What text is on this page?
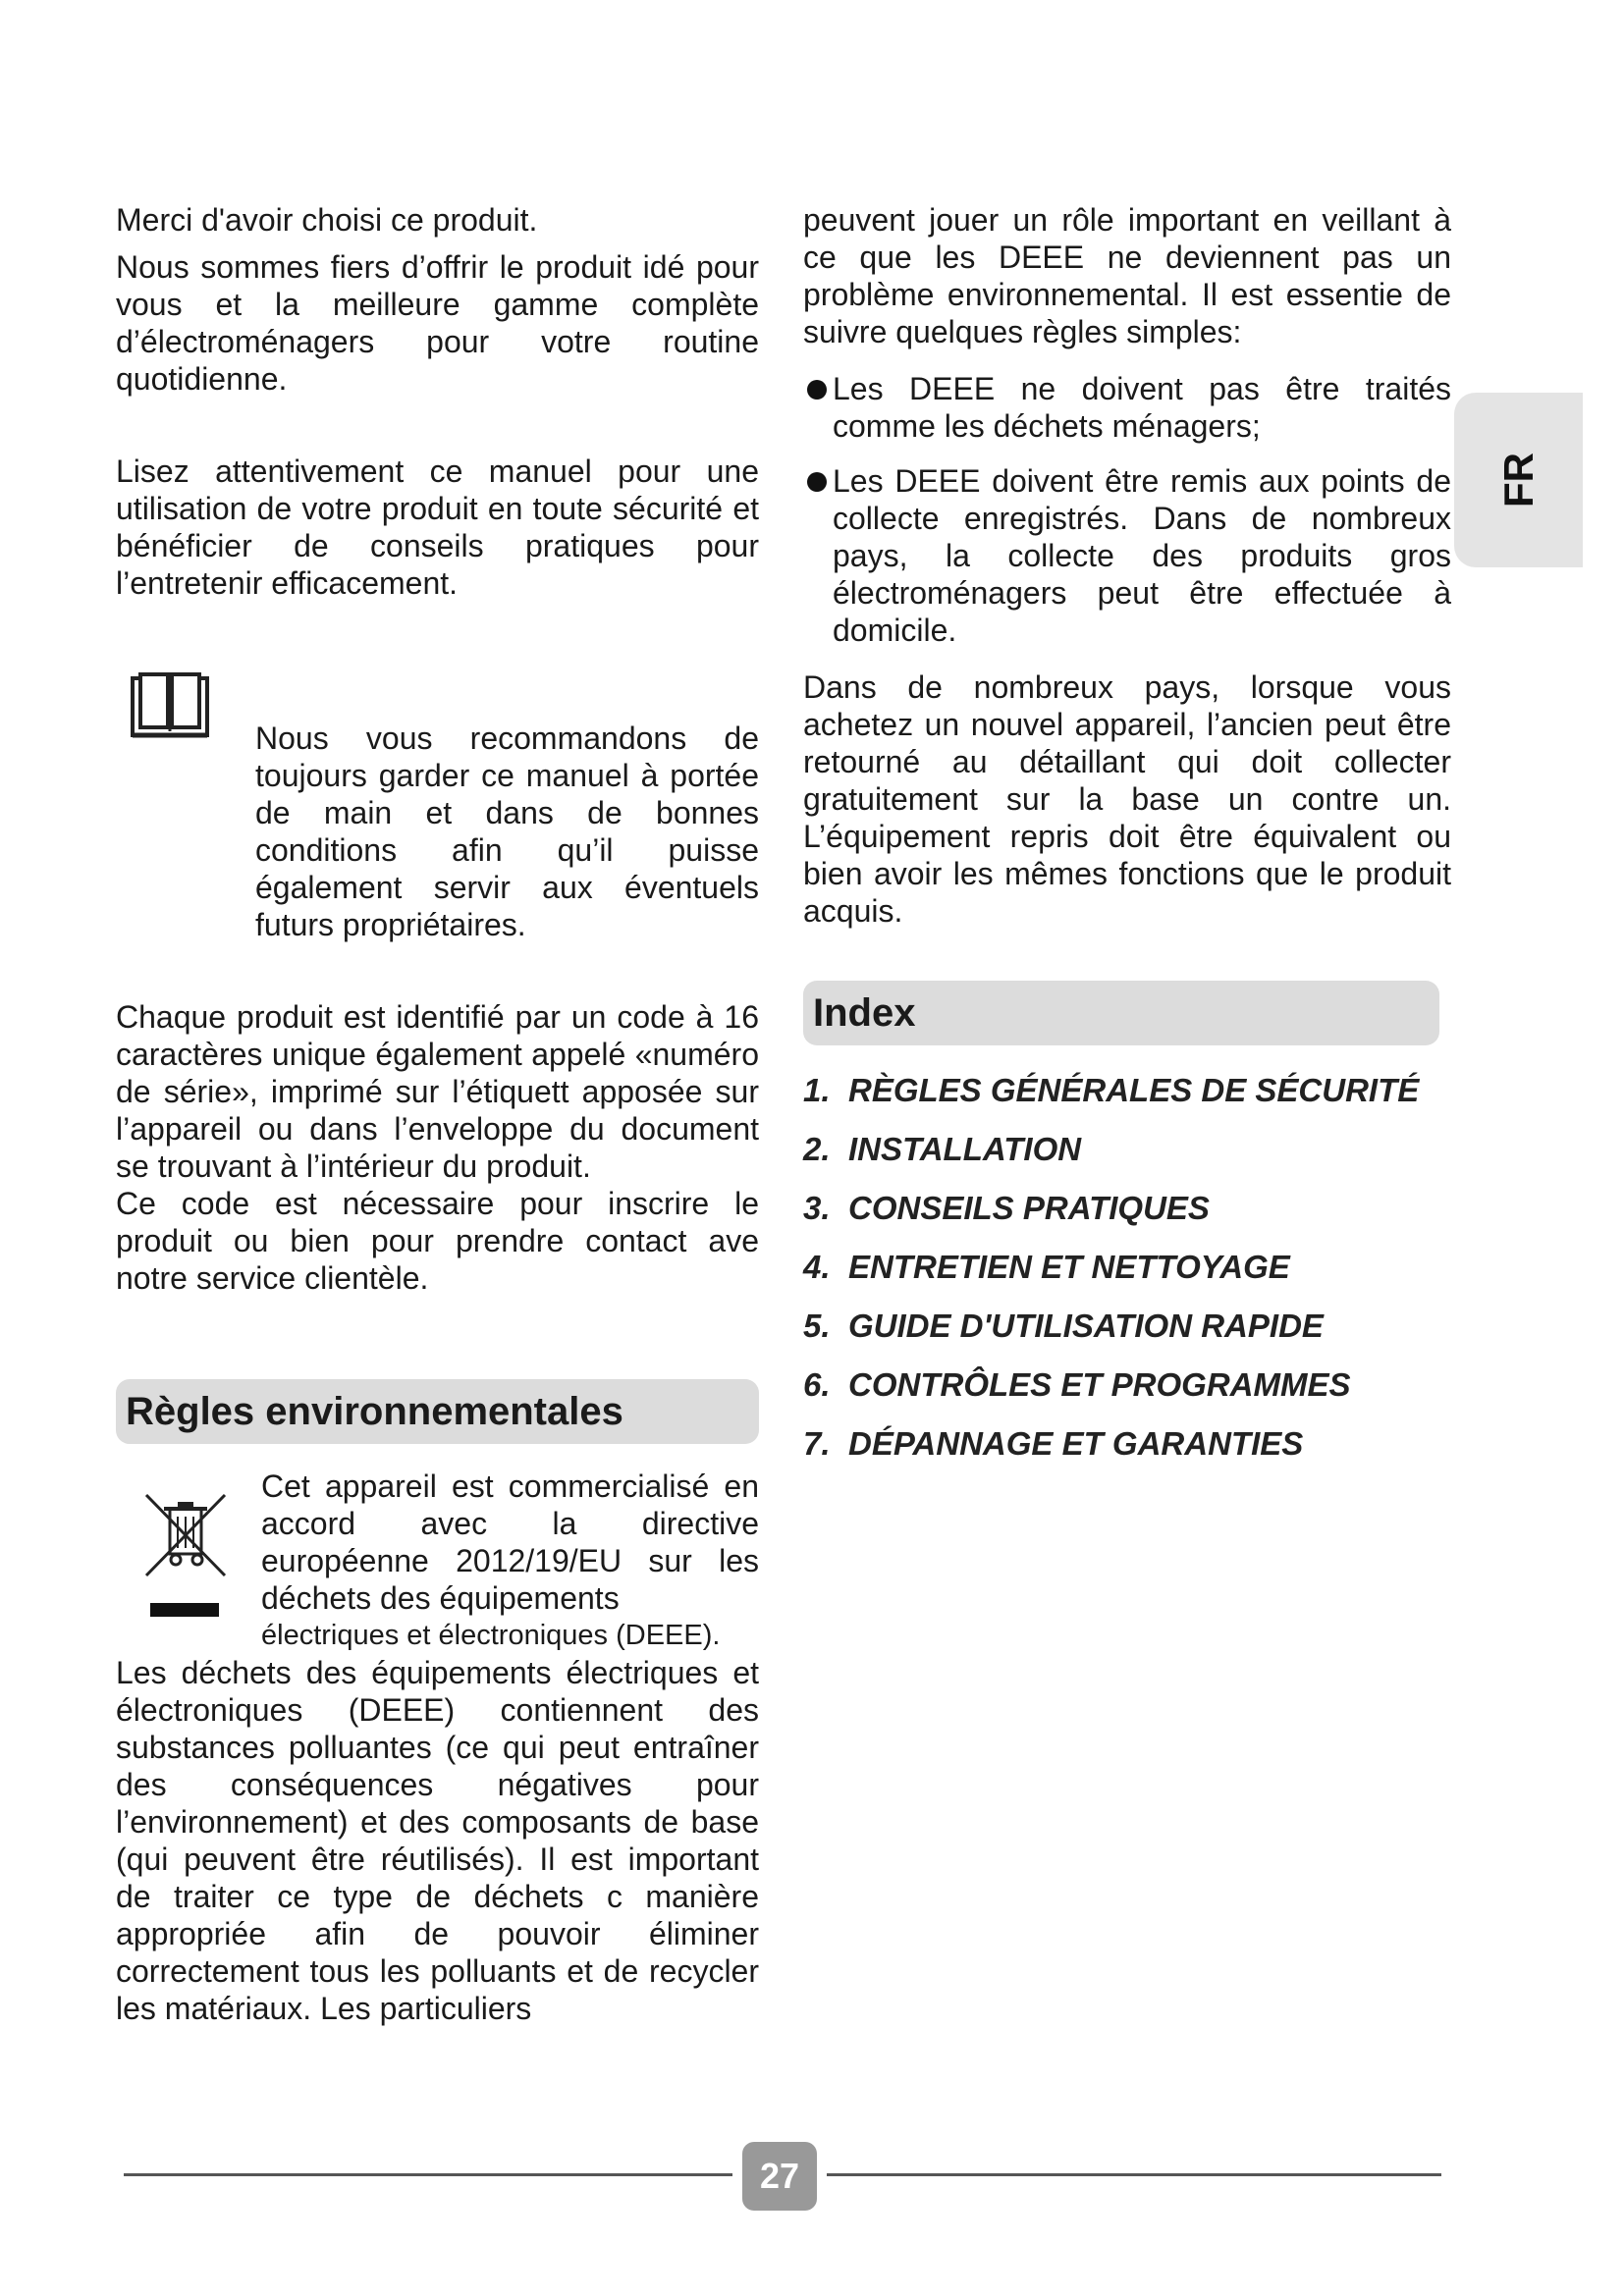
Merci d'avoir choisi ce produit.

Nous sommes fiers d’offrir le produit idé pour vous et la meilleure gamme complète d’électroménagers pour votre routine quotidienne.

Lisez attentivement ce manuel pour une utilisation de votre produit en toute sécurité et bénéficier de conseils pratiques pour l’entretenir efficacement.

Nous vous recommandons de toujours garder ce manuel à portée de main et dans de bonnes conditions afin qu’il puisse également servir aux éventuels futurs propriétaires.

Chaque produit est identifié par un code à 16 caractères unique également appelé «numéro de série», imprimé sur l’étiquett apposée sur l’appareil ou dans l’enveloppe du document se trouvant à l’intérieur du produit.

Ce code est nécessaire pour inscrire le produit ou bien pour prendre contact ave notre service clientèle.

Règles environnementales

Cet appareil est commercialisé en accord avec la directive européenne 2012/19/EU sur les déchets des équipements

électriques et électroniques (DEEE).

Les déchets des équipements électriques et électroniques (DEEE) contiennent des substances polluantes (ce qui peut entraîner des conséquences négatives pour l’environnement) et des composants de base (qui peuvent être réutilisés). Il est important de traiter ce type de déchets c manière appropriée afin de pouvoir éliminer correctement tous les polluants et de recycler les matériaux. Les particuliers

peuvent jouer un rôle important en veillant à ce que les DEEE ne deviennent pas un problème environnemental. Il est essentie de suivre quelques règles simples:

Les DEEE ne doivent pas être traités comme les déchets ménagers;
Les DEEE doivent être remis aux points de collecte enregistrés. Dans de nombreux pays, la collecte des produits gros électroménagers peut être effectuée à domicile.

Dans de nombreux pays, lorsque vous achetez un nouvel appareil, l’ancien peut être retourné au détaillant qui doit collecter gratuitement sur la base un contre un. L’équipement repris doit être équivalent ou bien avoir les mêmes fonctions que le produit acquis.

Index
1. RÈGLES GÉNÉRALES DE SÉCURITÉ
2. INSTALLATION
3. CONSEILS PRATIQUES
4. ENTRETIEN ET NETTOYAGE
5. GUIDE D'UTILISATION RAPIDE
6. CONTRÔLES ET PROGRAMMES
7. DÉPANNAGE ET GARANTIES
FR
27
